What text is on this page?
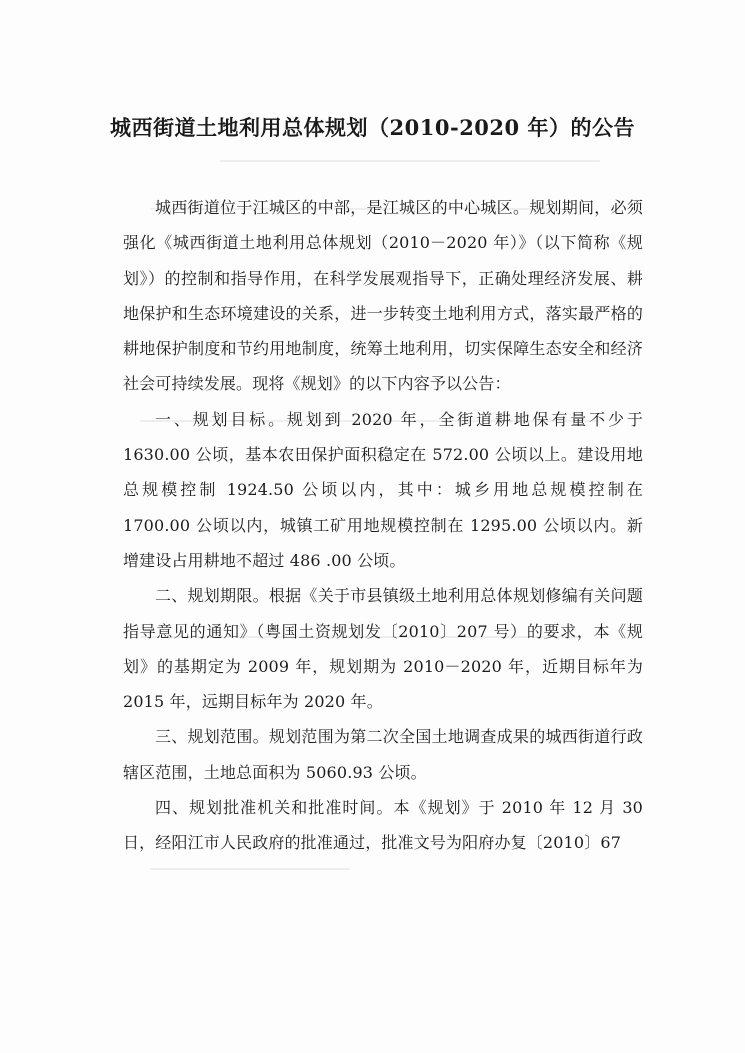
城西街道土地利用总体规划（2010-2020 年）的公告

城西街道位于江城区的中部，是江城区的中心城区。规划期间，必须强化《城西街道土地利用总体规划（2010－2020 年）》（以下简称《规划》）的控制和指导作用，在科学发展观指导下，正确处理经济发展、耕地保护和生态环境建设的关系，进一步转变土地利用方式，落实最严格的耕地保护制度和节约用地制度，统筹土地利用，切实保障生态安全和经济社会可持续发展。现将《规划》的以下内容予以公告：

一、规划目标。规划到 2020 年，全街道耕地保有量不少于 1630.00 公顷，基本农田保护面积稳定在 572.00 公顷以上。建设用地总规模控制 1924.50 公顷以内，其中：城乡用地总规模控制在 1700.00 公顷以内，城镇工矿用地规模控制在 1295.00 公顷以内。新增建设占用耕地不超过 486 .00 公顷。

二、规划期限。根据《关于市县镇级土地利用总体规划修编有关问题指导意见的通知》（粤国土资规划发〔2010〕207 号）的要求，本《规划》的基期定为 2009 年，规划期为 2010－2020 年，近期目标年为 2015 年，远期目标年为 2020 年。

三、规划范围。规划范围为第二次全国土地调查成果的城西街道行政辖区范围，土地总面积为 5060.93 公顷。

四、规划批准机关和批准时间。本《规划》于 2010 年 12 月 30 日，经阳江市人民政府的批准通过，批准文号为阳府办复〔2010〕67
